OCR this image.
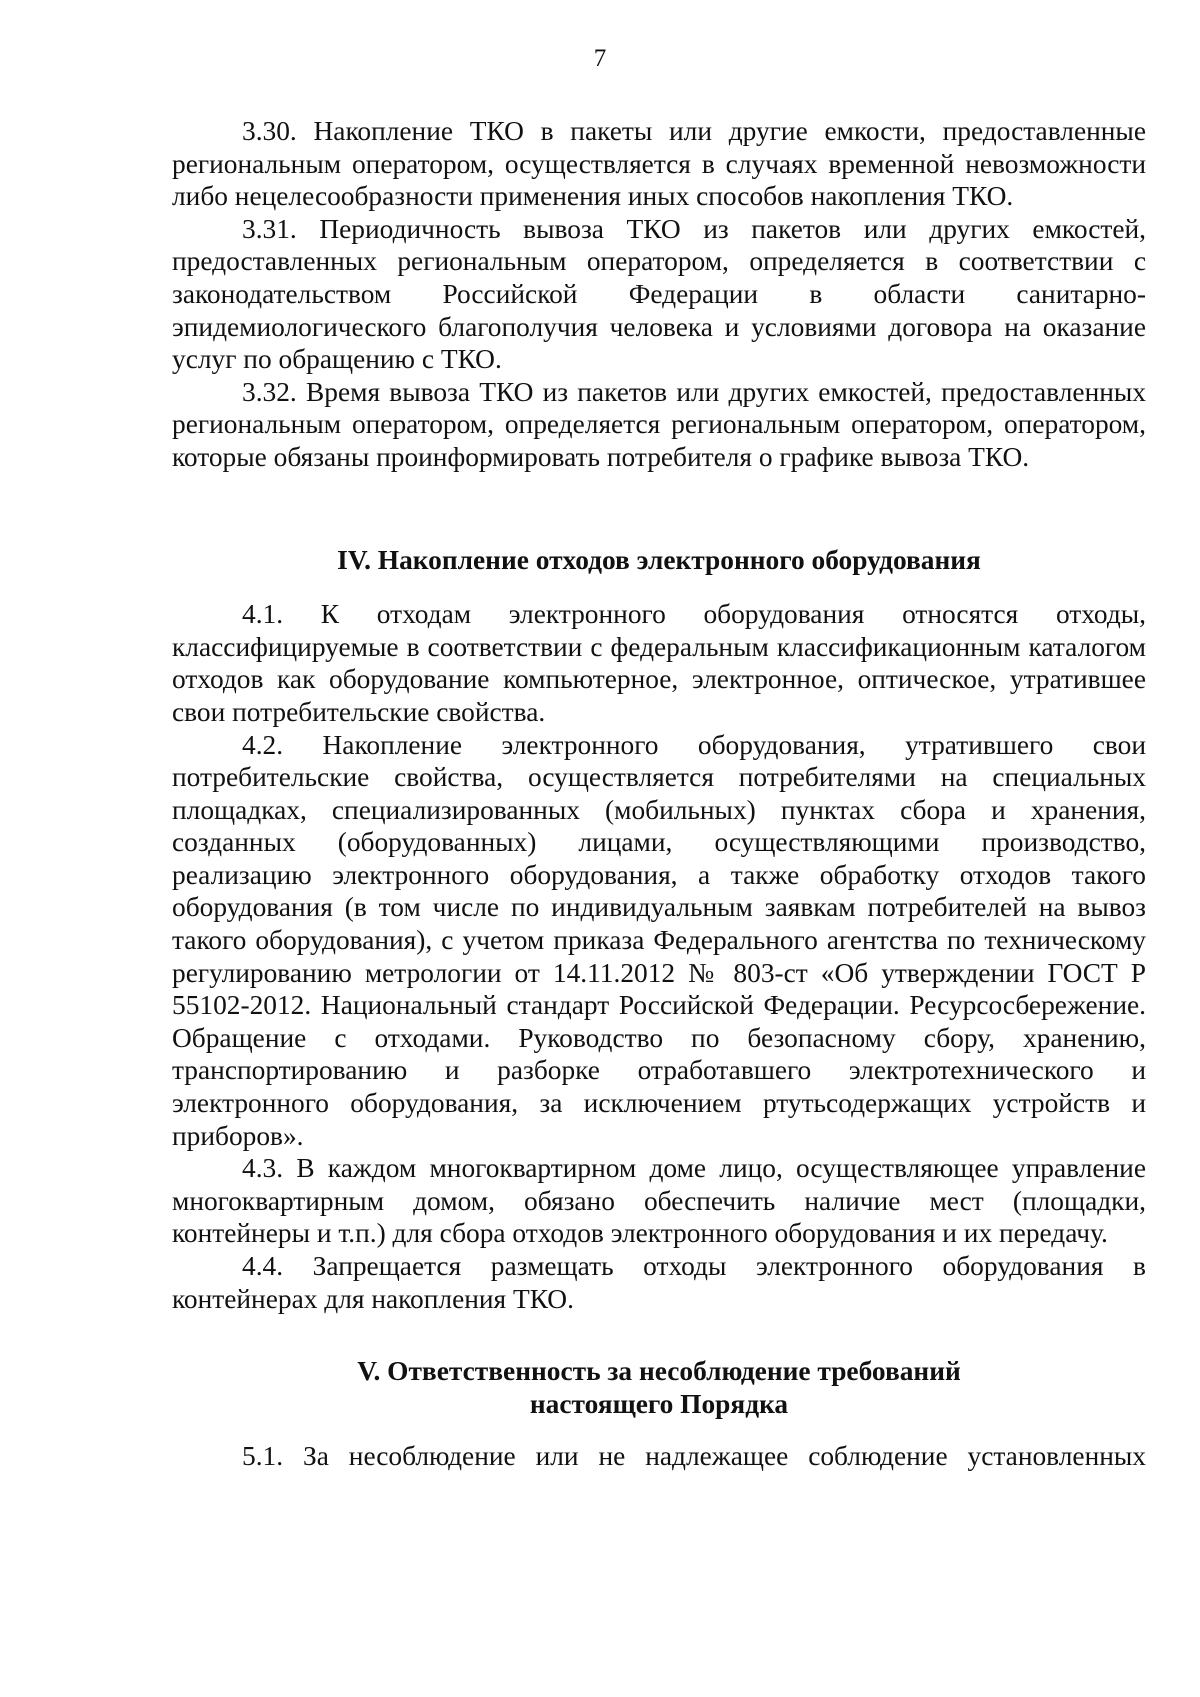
7

3.30. Накопление ТКО в пакеты или другие емкости, предоставленные региональным оператором, осуществляется в случаях временной невозможности либо нецелесообразности применения иных способов накопления ТКО.

3.31. Периодичность вывоза ТКО из пакетов или других емкостей, предоставленных региональным оператором, определяется в соответствии с законодательством Российской Федерации в области санитарно-эпидемиологического благополучия человека и условиями договора на оказание услуг по обращению с ТКО.

3.32. Время вывоза ТКО из пакетов или других емкостей, предоставленных региональным оператором, определяется региональным оператором, оператором, которые обязаны проинформировать потребителя о графике вывоза ТКО.

IV. Накопление отходов электронного оборудования

4.1. К отходам электронного оборудования относятся отходы, классифицируемые в соответствии с федеральным классификационным каталогом отходов как оборудование компьютерное, электронное, оптическое, утратившее свои потребительские свойства.

4.2. Накопление электронного оборудования, утратившего свои потребительские свойства, осуществляется потребителями на специальных площадках, специализированных (мобильных) пунктах сбора и хранения, созданных (оборудованных) лицами, осуществляющими производство, реализацию электронного оборудования, а также обработку отходов такого оборудования (в том числе по индивидуальным заявкам потребителей на вывоз такого оборудования), с учетом приказа Федерального агентства по техническому регулированию метрологии от 14.11.2012 № 803-ст «Об утверждении ГОСТ Р 55102-2012. Национальный стандарт Российской Федерации. Ресурсосбережение. Обращение с отходами. Руководство по безопасному сбору, хранению, транспортированию и разборке отработавшего электротехнического и электронного оборудования, за исключением ртутьсодержащих устройств и приборов».

4.3. В каждом многоквартирном доме лицо, осуществляющее управление многоквартирным домом, обязано обеспечить наличие мест (площадки, контейнеры и т.п.) для сбора отходов электронного оборудования и их передачу.

4.4. Запрещается размещать отходы электронного оборудования в контейнерах для накопления ТКО.

V. Ответственность за несоблюдение требований
настоящего Порядка

5.1. За несоблюдение или не надлежащее соблюдение установленных
